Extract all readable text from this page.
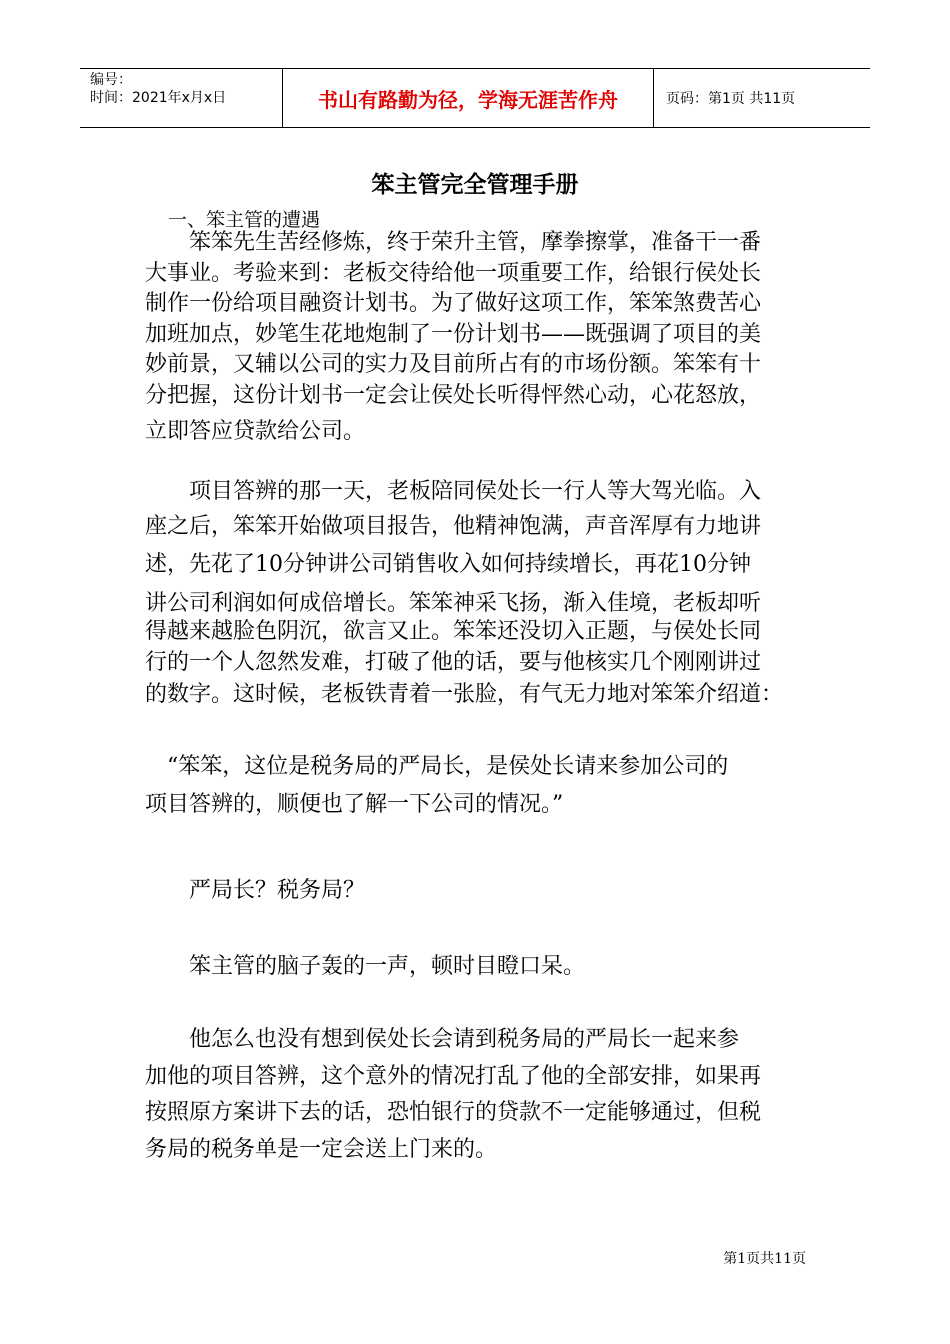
编号：
时间：2021年x月x日	书山有路勤为径，学海无涯苦作舟	页码：第1页 共11页
笨主管完全管理手册
一、笨主管的遭遇
　　笨笨先生苦经修炼，终于荣升主管，摩拳擦掌，准备干一番
大事业。考验来到：老板交待给他一项重要工作，给银行侯处长
制作一份给项目融资计划书。为了做好这项工作，笨笨煞费苦心
加班加点，妙笔生花地炮制了一份计划书——既强调了项目的美
妙前景，又辅以公司的实力及目前所占有的市场份额。笨笨有十
分把握，这份计划书一定会让侯处长听得怦然心动，心花怒放，
立即答应贷款给公司。
　　项目答辨的那一天，老板陪同侯处长一行人等大驾光临。入
座之后，笨笨开始做项目报告，他精神饱满，声音浑厚有力地讲
述，先花了10分钟讲公司销售收入如何持续增长，再花10分钟
讲公司利润如何成倍增长。笨笨神采飞扬，渐入佳境，老板却听
得越来越脸色阴沉，欲言又止。笨笨还没切入正题，与侯处长同
行的一个人忽然发难，打破了他的话，要与他核实几个刚刚讲过
的数字。这时候，老板铁青着一张脸，有气无力地对笨笨介绍道：
　“笨笨，这位是税务局的严局长，是侯处长请来参加公司的
项目答辨的，顺便也了解一下公司的情况。”
　　严局长？税务局？
　　笨主管的脑子轰的一声，顿时目瞪口呆。
　　他怎么也没有想到侯处长会请到税务局的严局长一起来参
加他的项目答辨，这个意外的情况打乱了他的全部安排，如果再
按照原方案讲下去的话，恐怕银行的贷款不一定能够通过，但税
务局的税务单是一定会送上门来的。
第1页共11页
